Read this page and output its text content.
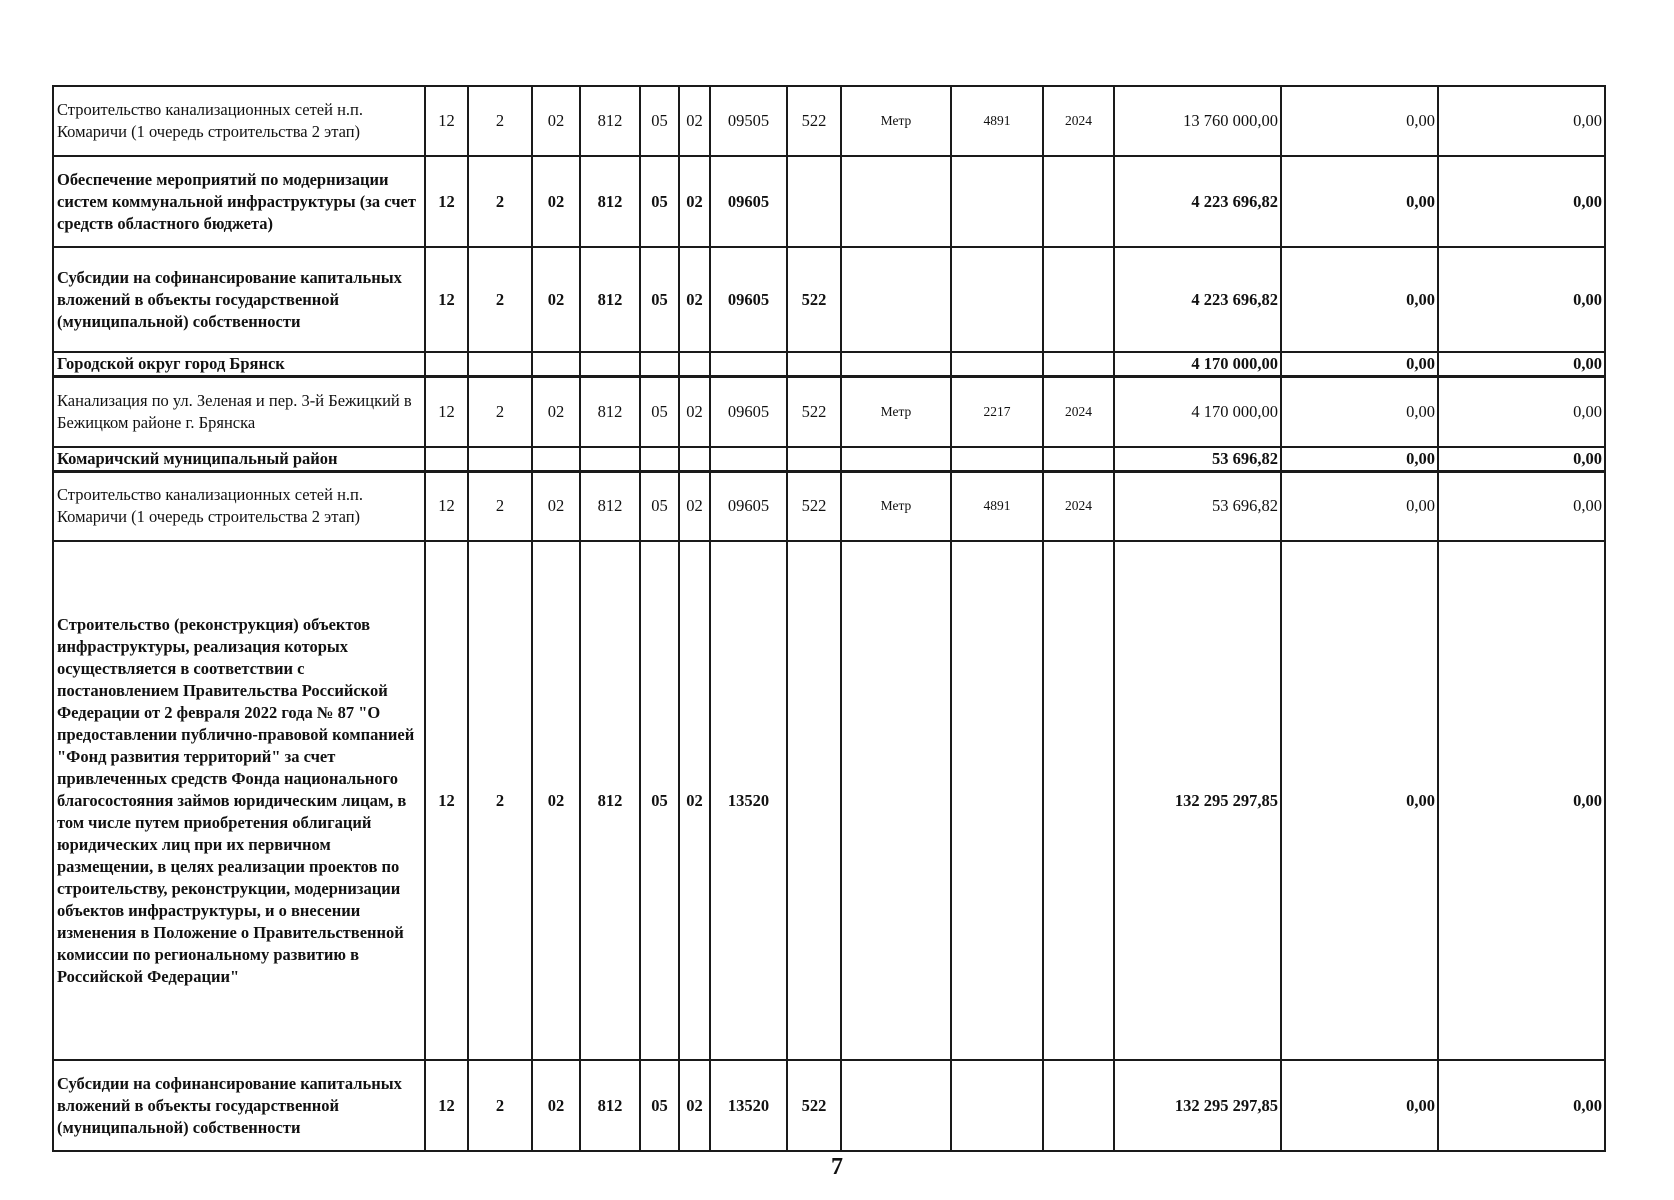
Строительство канализационных сетей н.п. Комаричи (1 очередь строительства 2 этап)	12	2	02	812	05	02	09505	522	Метр	4891	2024	13 760 000,00	0,00	0,00
Обеспечение мероприятий по модернизации систем коммунальной инфраструктуры (за счет средств областного бюджета)	12	2	02	812	05	02	09605					4 223 696,82	0,00	0,00
Субсидии на софинансирование капитальных вложений в объекты государственной (муниципальной) собственности	12	2	02	812	05	02	09605	522				4 223 696,82	0,00	0,00
Городской округ город Брянск												4 170 000,00	0,00	0,00
Канализация по ул. Зеленая и пер. 3-й Бежицкий в Бежицком районе г. Брянска	12	2	02	812	05	02	09605	522	Метр	2217	2024	4 170 000,00	0,00	0,00
Комаричский муниципальный район												53 696,82	0,00	0,00
Строительство канализационных сетей н.п. Комаричи (1 очередь строительства 2 этап)	12	2	02	812	05	02	09605	522	Метр	4891	2024	53 696,82	0,00	0,00
Строительство (реконструкция) объектов инфраструктуры, реализация которых осуществляется в соответствии с постановлением Правительства Российской Федерации от 2 февраля 2022 года № 87 "О предоставлении публично-правовой компанией "Фонд развития территорий" за счет привлеченных средств Фонда национального благосостояния займов юридическим лицам, в том числе путем приобретения облигаций юридических лиц при их первичном размещении, в целях реализации проектов по строительству, реконструкции, модернизации объектов инфраструктуры, и о внесении изменения в Положение о Правительственной комиссии по региональному развитию в Российской Федерации"	12	2	02	812	05	02	13520					132 295 297,85	0,00	0,00
Субсидии на софинансирование капитальных вложений в объекты государственной (муниципальной) собственности	12	2	02	812	05	02	13520	522				132 295 297,85	0,00	0,00
7
